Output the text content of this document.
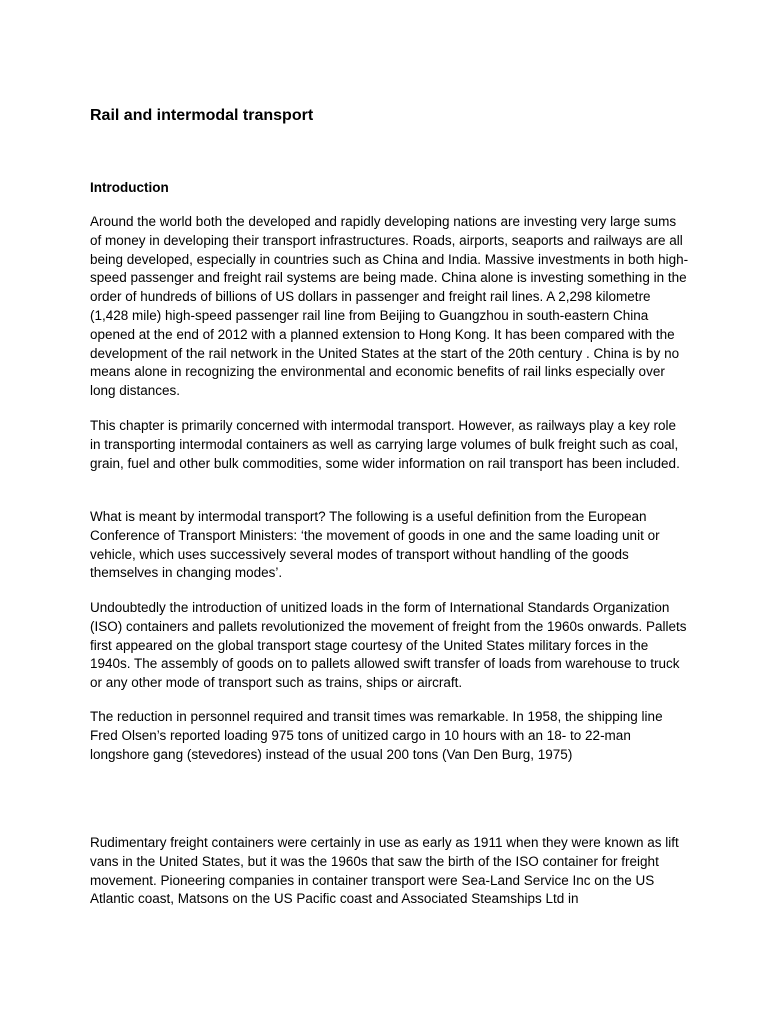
Rail and intermodal transport
Introduction

Around the world both the developed and rapidly developing nations are investing very large sums of money in developing their transport infrastructures. Roads, airports, seaports and railways are all being developed, especially in countries such as China and India. Massive investments in both high-speed passenger and freight rail systems are being made. China alone is investing something in the order of hundreds of billions of US dollars in passenger and freight rail lines. A 2,298 kilometre (1,428 mile) high-speed passenger rail line from Beijing to Guangzhou in south-eastern China opened at the end of 2012 with a planned extension to Hong Kong. It has been compared with the development of the rail network in the United States at the start of the 20th century . China is by no means alone in recognizing the environmental and economic benefits of rail links especially over long distances.

This chapter is primarily concerned with intermodal transport. However, as railways play a key role in transporting intermodal containers as well as carrying large volumes of bulk freight such as coal, grain, fuel and other bulk commodities, some wider information on rail transport has been included.

What is meant by intermodal transport? The following is a useful definition from the European Conference of Transport Ministers: ‘the movement of goods in one and the same loading unit or vehicle, which uses successively several modes of transport without handling of the goods themselves in changing modes’.

Undoubtedly the introduction of unitized loads in the form of International Standards Organization (ISO) containers and pallets revolutionized the movement of freight from the 1960s onwards. Pallets first appeared on the global transport stage courtesy of the United States military forces in the 1940s. The assembly of goods on to pallets allowed swift transfer of loads from warehouse to truck or any other mode of transport such as trains, ships or aircraft.

The reduction in personnel required and transit times was remarkable. In 1958, the shipping line Fred Olsen’s reported loading 975 tons of unitized cargo in 10 hours with an 18- to 22-man longshore gang (stevedores) instead of the usual 200 tons (Van Den Burg, 1975)

Rudimentary freight containers were certainly in use as early as 1911 when they were known as lift vans in the United States, but it was the 1960s that saw the birth of the ISO container for freight movement. Pioneering companies in container transport were Sea-Land Service Inc on the US Atlantic coast, Matsons on the US Pacific coast and Associated Steamships Ltd in
